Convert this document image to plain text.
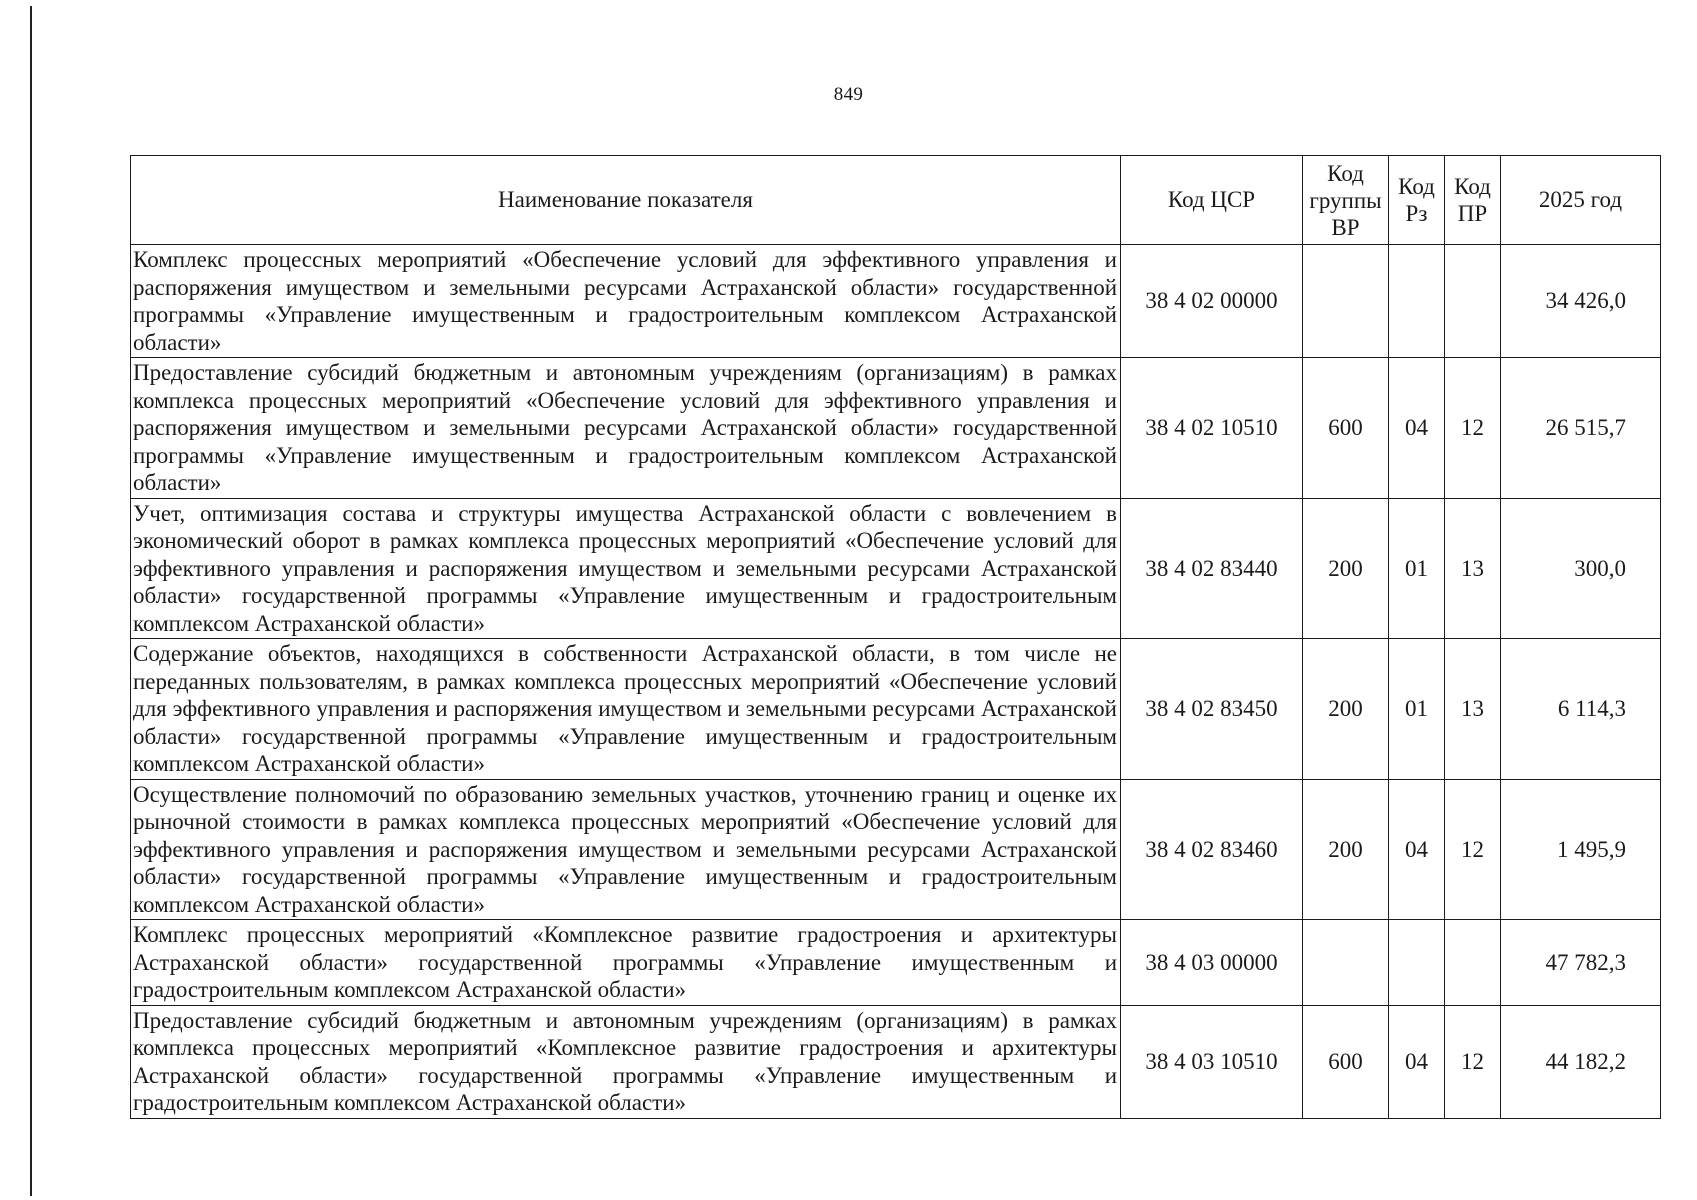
849
Наименование показателя	Код ЦСР	Код группы ВР	Код Рз	Код ПР	2025 год
Комплекс процессных мероприятий «Обеспечение условий для эффективного управления и распоряжения имуществом и земельными ресурсами Астраханской области» государственной программы «Управление имущественным и градостроительным комплексом Астраханской области»	38 4 02 00000				34 426,0
Предоставление субсидий бюджетным и автономным учреждениям (организациям) в рамках комплекса процессных мероприятий «Обеспечение условий для эффективного управления и распоряжения имуществом и земельными ресурсами Астраханской области» государственной программы «Управление имущественным и градостроительным комплексом Астраханской области»	38 4 02 10510	600	04	12	26 515,7
Учет, оптимизация состава и структуры имущества Астраханской области с вовлечением в экономический оборот в рамках комплекса процессных мероприятий «Обеспечение условий для эффективного управления и распоряжения имуществом и земельными ресурсами Астраханской области» государственной программы «Управление имущественным и градостроительным комплексом Астраханской области»	38 4 02 83440	200	01	13	300,0
Содержание объектов, находящихся в собственности Астраханской области, в том числе не переданных пользователям, в рамках комплекса процессных мероприятий «Обеспечение условий для эффективного управления и распоряжения имуществом и земельными ресурсами Астраханской области» государственной программы «Управление имущественным и градостроительным комплексом Астраханской области»	38 4 02 83450	200	01	13	6 114,3
Осуществление полномочий по образованию земельных участков, уточнению границ и оценке их рыночной стоимости в рамках комплекса процессных мероприятий «Обеспечение условий для эффективного управления и распоряжения имуществом и земельными ресурсами Астраханской области» государственной программы «Управление имущественным и градостроительным комплексом Астраханской области»	38 4 02 83460	200	04	12	1 495,9
Комплекс процессных мероприятий «Комплексное развитие градостроения и архитектуры Астраханской области» государственной программы «Управление имущественным и градостроительным комплексом Астраханской области»	38 4 03 00000				47 782,3
Предоставление субсидий бюджетным и автономным учреждениям (организациям) в рамках комплекса процессных мероприятий «Комплексное развитие градостроения и архитектуры Астраханской области» государственной программы «Управление имущественным и градостроительным комплексом Астраханской области»	38 4 03 10510	600	04	12	44 182,2
